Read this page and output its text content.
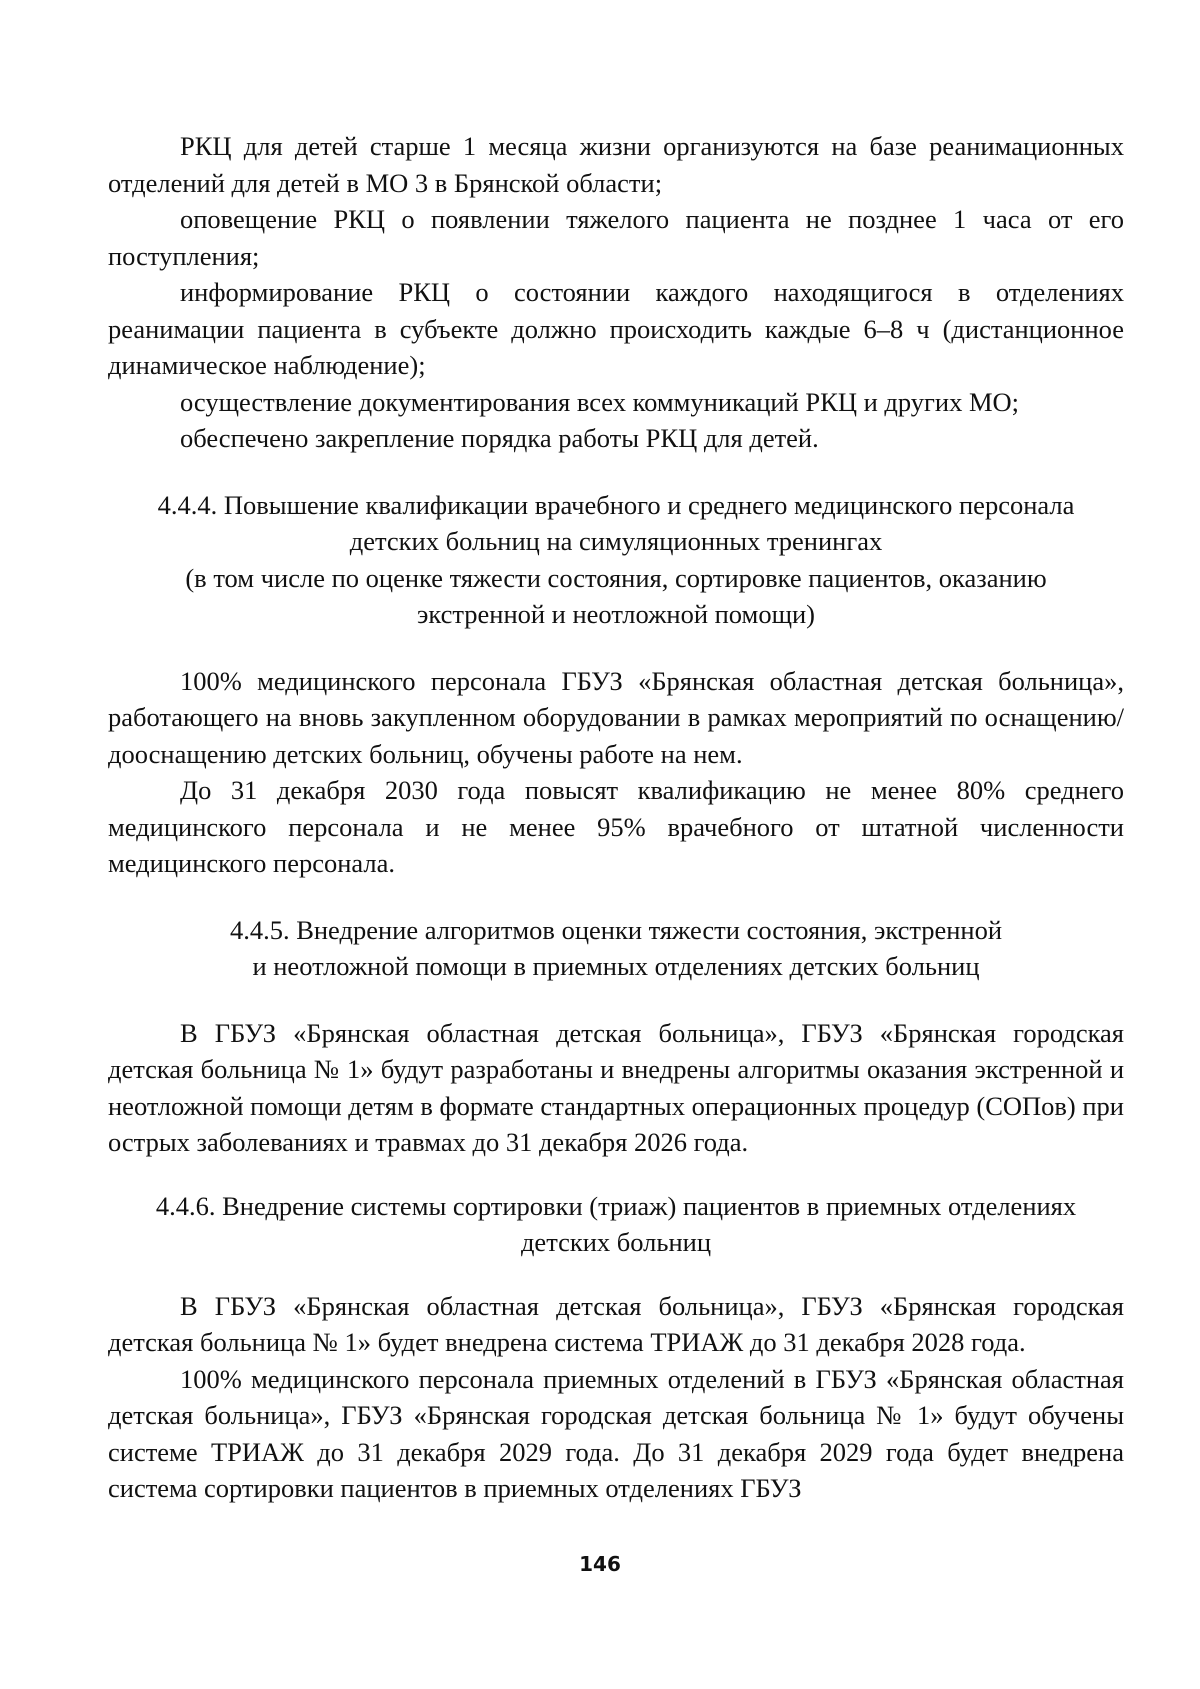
РКЦ для детей старше 1 месяца жизни организуются на базе реанимационных отделений для детей в МО 3 в Брянской области;

оповещение РКЦ о появлении тяжелого пациента не позднее 1 часа от его поступления;

информирование РКЦ о состоянии каждого находящигося в отделениях реанимации пациента в субъекте должно происходить каждые 6–8 ч (дистанционное динамическое наблюдение);

осуществление документирования всех коммуникаций РКЦ и других МО;

обеспечено закрепление порядка работы РКЦ для детей.

4.4.4. Повышение квалификации врачебного и среднего медицинского персонала

детских больниц на симуляционных тренингах

(в том числе по оценке тяжести состояния, сортировке пациентов, оказанию

экстренной и неотложной помощи)

100% медицинского персонала ГБУЗ «Брянская областная детская больница», работающего на вновь закупленном оборудовании в рамках мероприятий по оснащению/дооснащению детских больниц, обучены работе на нем.

До 31 декабря 2030 года повысят квалификацию не менее 80% среднего медицинского персонала и не менее 95% врачебного от штатной численности медицинского персонала.

4.4.5. Внедрение алгоритмов оценки тяжести состояния, экстренной

и неотложной помощи в приемных отделениях детских больниц

В ГБУЗ «Брянская областная детская больница», ГБУЗ «Брянская городская детская больница № 1» будут разработаны и внедрены алгоритмы оказания экстренной и неотложной помощи детям в формате стандартных операционных процедур (СОПов) при острых заболеваниях и травмах до 31 декабря 2026 года.

4.4.6. Внедрение системы сортировки (триаж) пациентов в приемных отделениях

детских больниц

В ГБУЗ «Брянская областная детская больница», ГБУЗ «Брянская городская детская больница № 1» будет внедрена система ТРИАЖ до 31 декабря 2028 года.

100% медицинского персонала приемных отделений в ГБУЗ «Брянская областная детская больница», ГБУЗ «Брянская городская детская больница № 1» будут обучены системе ТРИАЖ до 31 декабря 2029 года. До 31 декабря 2029 года будет внедрена система сортировки пациентов в приемных отделениях ГБУЗ

146
